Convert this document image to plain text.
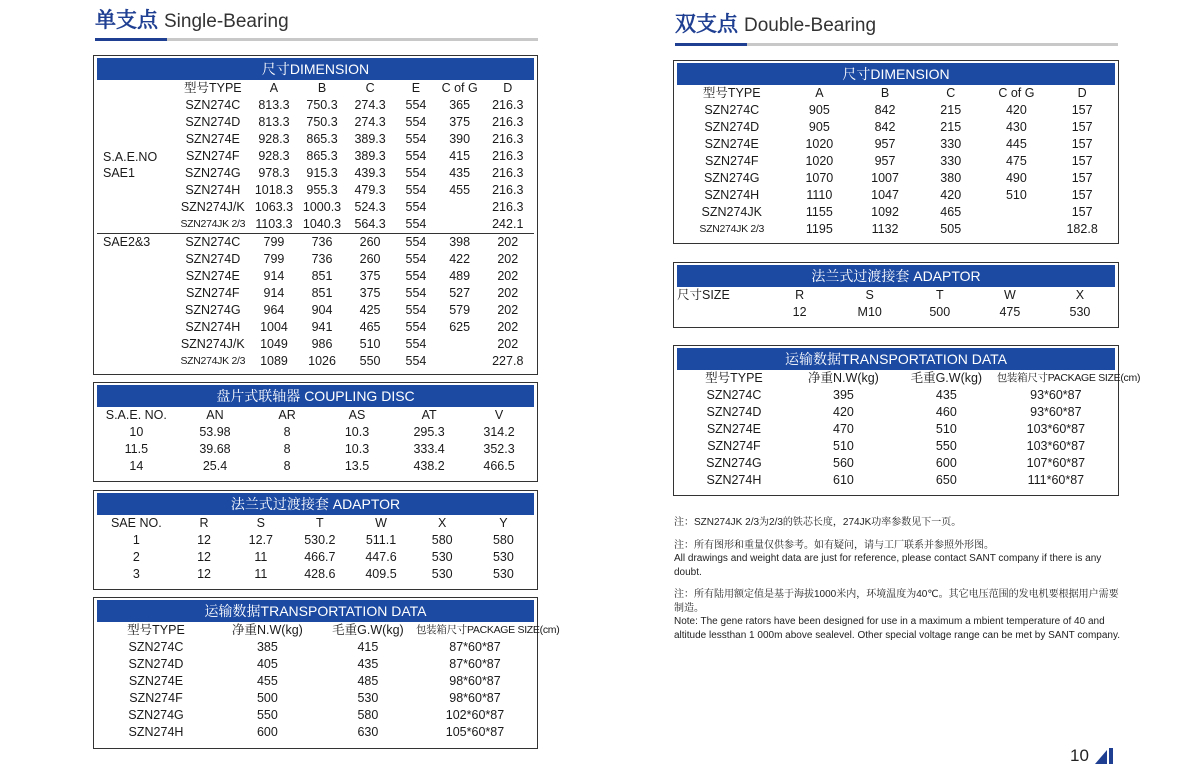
单支点 Single-Bearing
尺寸DIMENSION							
	型号TYPE	A	B	C	E	C of G	D
S.A.E.NO
SAE1	SZN274C	813.3	750.3	274.3	554	365	216.3
	SZN274D	813.3	750.3	274.3	554	375	216.3
	SZN274E	928.3	865.3	389.3	554	390	216.3
	SZN274F	928.3	865.3	389.3	554	415	216.3
	SZN274G	978.3	915.3	439.3	554	435	216.3
	SZN274H	1018.3	955.3	479.3	554	455	216.3
	SZN274J/K	1063.3	1000.3	524.3	554		216.3
	SZN274JK 2/3	1103.3	1040.3	564.3	554		242.1
SAE2&3	SZN274C	799	736	260	554	398	202
	SZN274D	799	736	260	554	422	202
	SZN274E	914	851	375	554	489	202
	SZN274F	914	851	375	554	527	202
	SZN274G	964	904	425	554	579	202
	SZN274H	1004	941	465	554	625	202
	SZN274J/K	1049	986	510	554		202
	SZN274JK 2/3	1089	1026	550	554		227.8
盘片式联轴器 COUPLING DISC					
S.A.E. NO.	AN	AR	AS	AT	V
10	53.98	8	10.3	295.3	314.2
11.5	39.68	8	10.3	333.4	352.3
14	25.4	8	13.5	438.2	466.5
法兰式过渡接套 ADAPTOR						
SAE NO.	R	S	T	W	X	Y
1	12	12.7	530.2	511.1	580	580
2	12	11	466.7	447.6	530	530
3	12	11	428.6	409.5	530	530
运输数据TRANSPORTATION DATA			
型号TYPE	净重N.W(kg)	毛重G.W(kg)	包装箱尺寸PACKAGE SIZE(cm)
SZN274C	385	415	87*60*87
SZN274D	405	435	87*60*87
SZN274E	455	485	98*60*87
SZN274F	500	530	98*60*87
SZN274G	550	580	102*60*87
SZN274H	600	630	105*60*87
双支点 Double-Bearing
尺寸DIMENSION					
型号TYPE	A	B	C	C of G	D
SZN274C	905	842	215	420	157
SZN274D	905	842	215	430	157
SZN274E	1020	957	330	445	157
SZN274F	1020	957	330	475	157
SZN274G	1070	1007	380	490	157
SZN274H	1110	1047	420	510	157
SZN274JK	1155	1092	465		157
SZN274JK 2/3	1195	1132	505		182.8
法兰式过渡接套 ADAPTOR					
尺寸SIZE	R	S	T	W	X
	12	M10	500	475	530
运输数据TRANSPORTATION DATA			
型号TYPE	净重N.W(kg)	毛重G.W(kg)	包装箱尺寸PACKAGE SIZE(cm)
SZN274C	395	435	93*60*87
SZN274D	420	460	93*60*87
SZN274E	470	510	103*60*87
SZN274F	510	550	103*60*87
SZN274G	560	600	107*60*87
SZN274H	610	650	111*60*87

注：SZN274JK 2/3为2/3的铁芯长度，274JK功率参数见下一页。

注：所有图形和重量仅供参考。如有疑问，请与工厂联系并参照外形图。

All drawings and weight data are just for reference, please contact SANT company if there is any doubt.

注：所有陆用额定值是基于海拔1000米内，环境温度为40℃。其它电压范围的发电机要根据用户需要制造。

Note: The gene rators have been designed for use in a maximum a mbient temperature of 40 and altitude lessthan 1 000m above sealevel. Other special voltage range can be met by SANT company.

10
